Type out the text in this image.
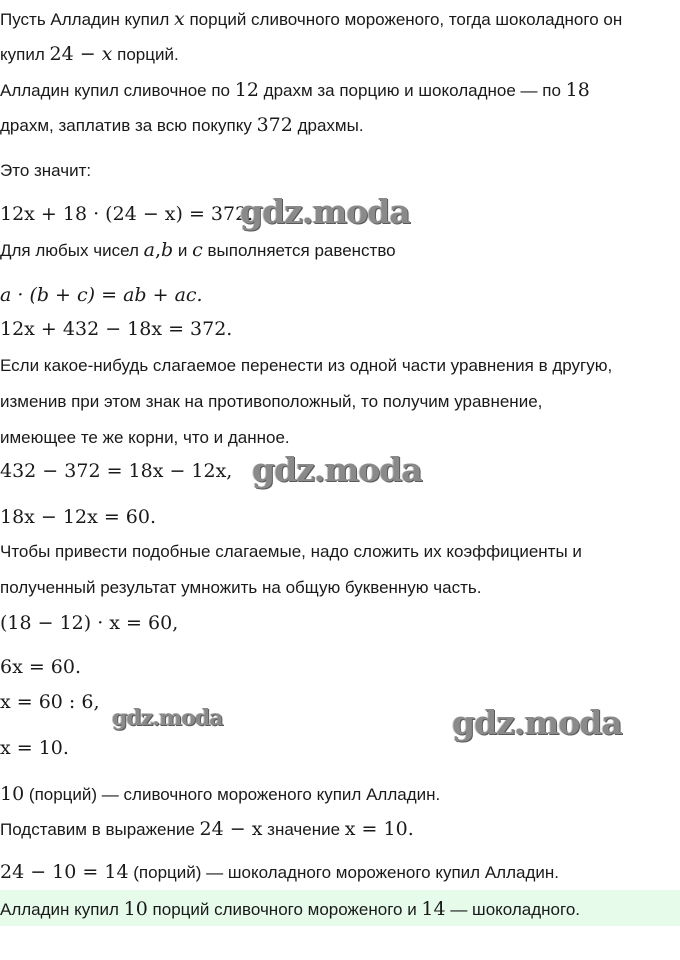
Пусть Алладин купил x порций сливочного мороженого, тогда шоколадного он
купил 24 − x порций.
Алладин купил сливочное по 12 драхм за порцию и шоколадное — по 18
драхм, заплатив за всю покупку 372 драхмы.
Это значит:
12x + 18 · (24 − x) = 372.
Для любых чисел a,b и c выполняется равенство
a · (b + c) = ab + ac.
12x + 432 − 18x = 372.
Если какое-нибудь слагаемое перенести из одной части уравнения в другую,
изменив при этом знак на противоположный, то получим уравнение,
имеющее те же корни, что и данное.
432 − 372 = 18x − 12x,
18x − 12x = 60.
Чтобы привести подобные слагаемые, надо сложить их коэффициенты и
полученный результат умножить на общую буквенную часть.
(18 − 12) · x = 60,
6x = 60.
x = 60 : 6,
x = 10.
10 (порций) — сливочного мороженого купил Алладин.
Подставим в выражение 24 − x значение x = 10.
24 − 10 = 14 (порций) — шоколадного мороженого купил Алладин.
Алладин купил 10 порций сливочного мороженого и 14 — шоколадного.
gdz.moda
gdz.moda
gdz.moda	gdz.moda
